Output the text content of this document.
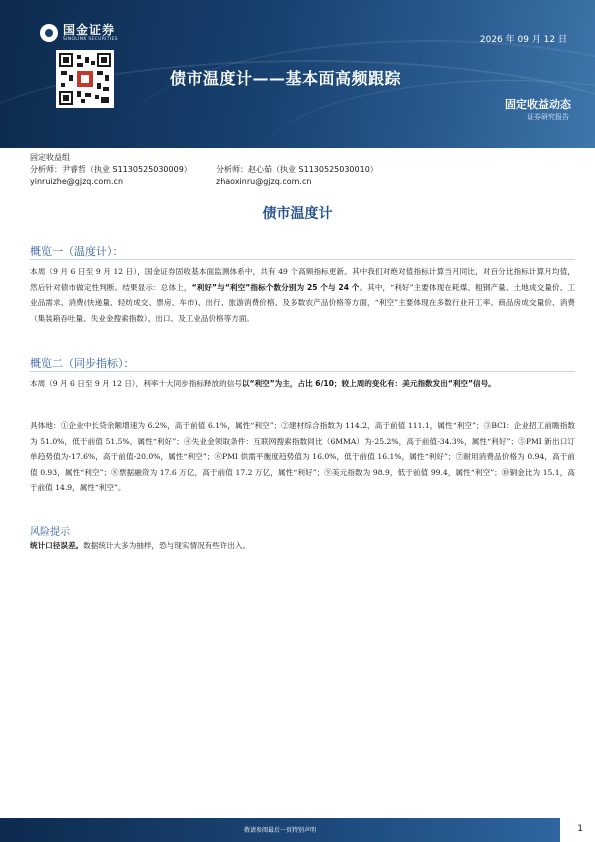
国金证券
SINOLINK SECURITIES	2026 年 09 月 12 日
债市温度计——基本面高频跟踪
固定收益动态
证券研究报告
固定收益组
分析师：尹睿哲（执业 S1130525030009）	分析师：赵心茹（执业 S1130525030010）
yinruizhe@gjzq.com.cn	zhaoxinru@gjzq.com.cn
债市温度计
概览一（温度计）：
本周（9 月 6 日至 9 月 12 日），国金证券固收基本面监测体系中，共有 49 个高频指标更新。其中我们对绝对值指标计算当月同比，对百分比指标计算月均值，然后针对债市做定性判断。结果显示：总体上，“利好”与“利空”指标个数分别为 25 个与 24 个。其中，“利好”主要体现在耗煤、粗钢产量、土地成交量价、工业品需求、消费(快递量、轻纺成交、票房、车市)、出行、旅游消费价格、及多数农产品价格等方面，“利空”主要体现在多数行业开工率、商品房成交量价、消费（集装箱吞吐量、失业金搜索指数）、出口、及工业品价格等方面。
概览二（同步指标）：
本周（9 月 6 日至 9 月 12 日），利率十大同步指标释放的信号以“利空”为主，占比 6/10；较上周的变化有：美元指数发出“利空”信号。
具体地：①企业中长贷余额增速为 6.2%，高于前值 6.1%，属性“利空”；②建材综合指数为 114.2，高于前值 111.1，属性“利空”；③BCI：企业招工前瞻指数为 51.0%，低于前值 51.5%，属性“利好”；④失业金领取条件：互联网搜索指数同比（6MMA）为-25.2%，高于前值-34.3%，属性“利好”；⑤PMI 新出口订单趋势值为-17.6%，高于前值-20.0%，属性“利空”；⑥PMI 供需平衡度趋势值为 16.0%，低于前值 16.1%，属性“利好”；⑦耐用消费品价格为 0.94，高于前值 0.93，属性“利空”；⑧票据融资为 17.6 万亿，高于前值 17.2 万亿，属性“利好”；⑨美元指数为 98.9，低于前值 99.4，属性“利空”；⑩铜金比为 15.1，高于前值 14.9，属性“利空”。
风险提示
统计口径误差。数据统计大多为抽样，恐与现实情况有些许出入。
敬请参阅最后一页特别声明	1
